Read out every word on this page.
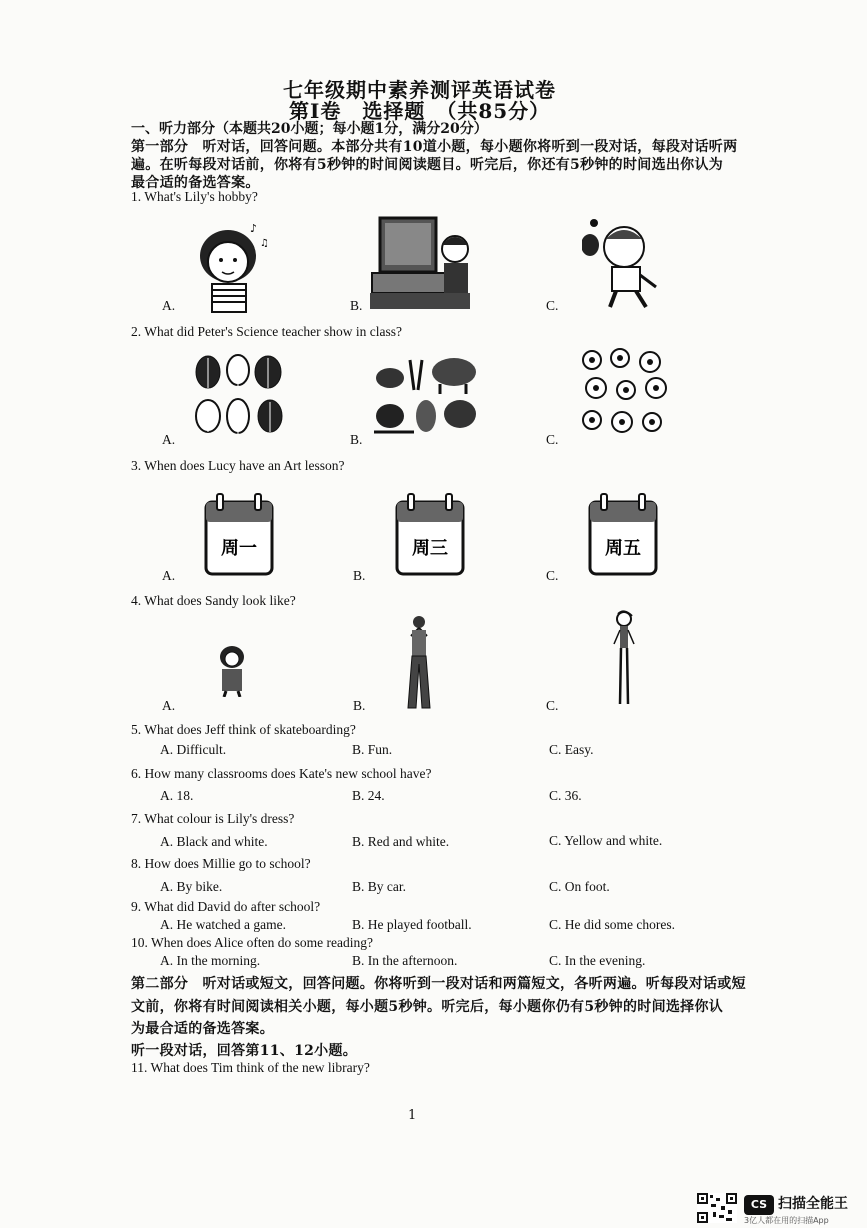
七年级期中素养测评英语试卷
第Ⅰ卷　选择题　（共85分）
一、听力部分（本题共20小题；每小题1分，满分20分）
第一部分　听对话，回答问题。本部分共有10道小题，每小题你将听到一段对话，每段对话听两
遍。在听每段对话前，你将有5秒钟的时间阅读题目。听完后，你还有5秒钟的时间选出你认为
最合适的备选答案。
1. What's Lily's hobby?
♪
♫
A.	B.	C.
2. What did Peter's Science teacher show in class?
A.	B.	C.
3. When does Lucy have an Art lesson?
周一	周三	周五
A.	B.	C.
4. What does Sandy look like?
A.	B.	C.
5. What does Jeff think of skateboarding?
A. Difficult.	B. Fun.	C. Easy.
6. How many classrooms does Kate's new school have?
A. 18.	B. 24.	C. 36.
7. What colour is Lily's dress?
A. Black and white.	B. Red and white.	C. Yellow and white.
8. How does Millie go to school?
A. By bike.	B. By car.	C. On foot.
9. What did David do after school?
A. He watched a game.	B. He played football.	C. He did some chores.
10. When does Alice often do some reading?
A. In the morning.	B. In the afternoon.	C. In the evening.
第二部分　听对话或短文，回答问题。你将听到一段对话和两篇短文，各听两遍。听每段对话或短
文前，你将有时间阅读相关小题，每小题5秒钟。听完后，每小题你仍有5秒钟的时间选择你认
为最合适的备选答案。
听一段对话，回答第11、12小题。
11. What does Tim think of the new library?
1
CS 扫描全能王
3亿人都在用的扫描App
